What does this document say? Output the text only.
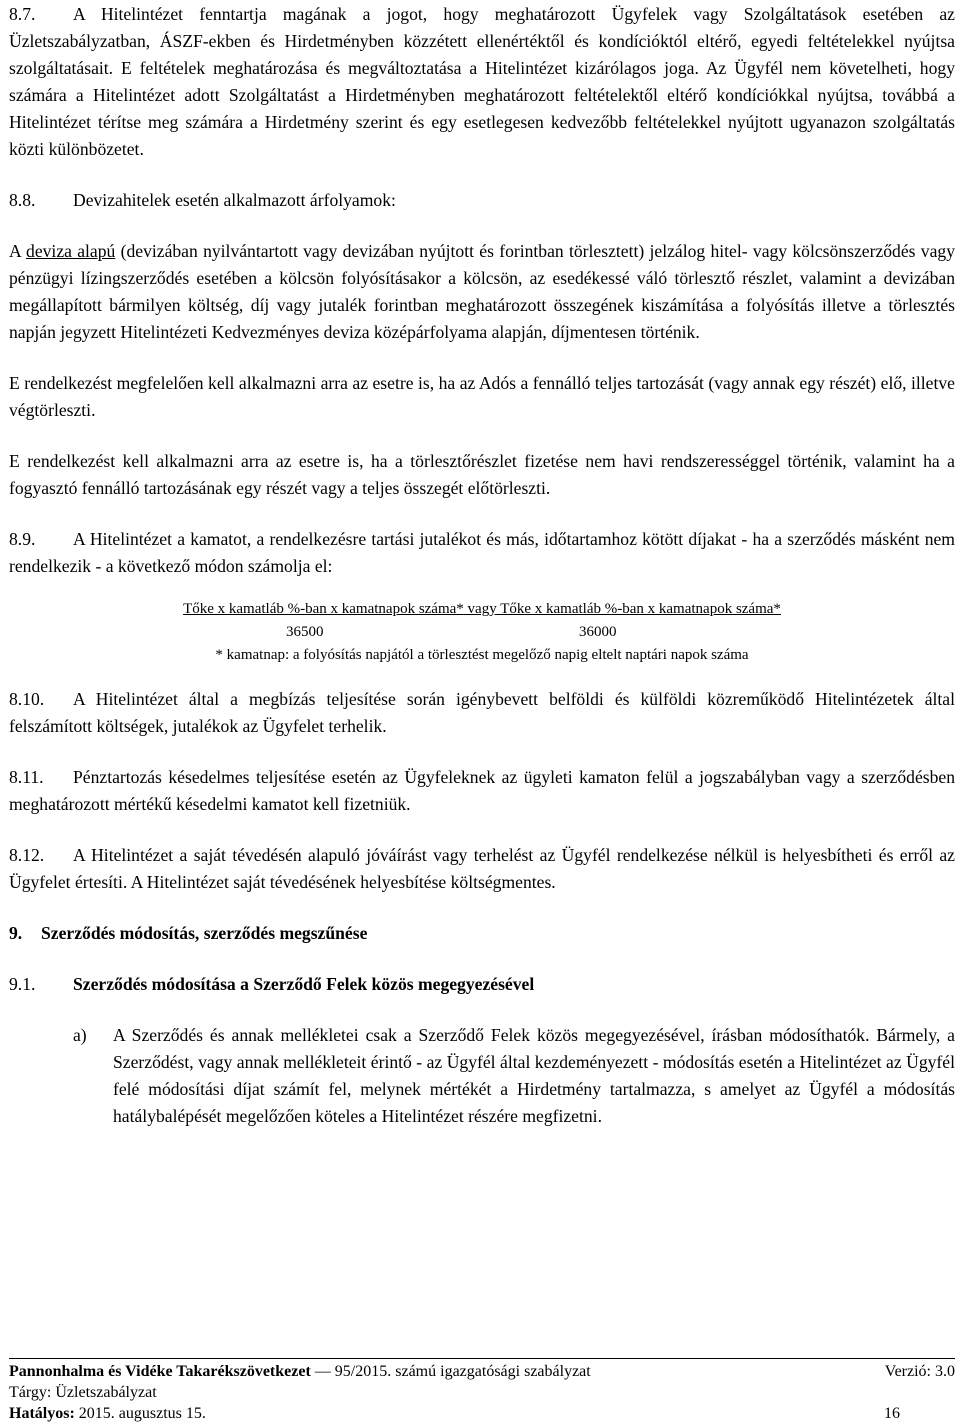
8.7. A Hitelintézet fenntartja magának a jogot, hogy meghatározott Ügyfelek vagy Szolgáltatások esetében az Üzletszabályzatban, ÁSZF-ekben és Hirdetményben közzétett ellenértéktől és kondícióktól eltérő, egyedi feltételekkel nyújtsa szolgáltatásait. E feltételek meghatározása és megváltoztatása a Hitelintézet kizárólagos joga. Az Ügyfél nem követelheti, hogy számára a Hitelintézet adott Szolgáltatást a Hirdetményben meghatározott feltételektől eltérő kondíciókkal nyújtsa, továbbá a Hitelintézet térítse meg számára a Hirdetmény szerint és egy esetlegesen kedvezőbb feltételekkel nyújtott ugyanazon szolgáltatás közti különbözetet.

8.8. Devizahitelek esetén alkalmazott árfolyamok:

A deviza alapú (devizában nyilvántartott vagy devizában nyújtott és forintban törlesztett) jelzálog hitel- vagy kölcsönszerződés vagy pénzügyi lízingszerződés esetében a kölcsön folyósításakor a kölcsön, az esedékessé váló törlesztő részlet, valamint a devizában megállapított bármilyen költség, díj vagy jutalék forintban meghatározott összegének kiszámítása a folyósítás illetve a törlesztés napján jegyzett Hitelintézeti Kedvezményes deviza középárfolyama alapján, díjmentesen történik.

E rendelkezést megfelelően kell alkalmazni arra az esetre is, ha az Adós a fennálló teljes tartozását (vagy annak egy részét) elő, illetve végtörleszti.

E rendelkezést kell alkalmazni arra az esetre is, ha a törlesztőrészlet fizetése nem havi rendszerességgel történik, valamint ha a fogyasztó fennálló tartozásának egy részét vagy a teljes összegét előtörleszti.

8.9. A Hitelintézet a kamatot, a rendelkezésre tartási jutalékot és más, időtartamhoz kötött díjakat - ha a szerződés másként nem rendelkezik - a következő módon számolja el:

Tőke x kamatláb %-ban x kamatnapok száma* vagy Tőke x kamatláb %-ban x kamatnapok száma*
36500	36000
* kamatnap: a folyósítás napjától a törlesztést megelőző napig eltelt naptári napok száma

8.10. A Hitelintézet által a megbízás teljesítése során igénybevett belföldi és külföldi közreműködő Hitelintézetek által felszámított költségek, jutalékok az Ügyfelet terhelik.

8.11. Pénztartozás késedelmes teljesítése esetén az Ügyfeleknek az ügyleti kamaton felül a jogszabályban vagy a szerződésben meghatározott mértékű késedelmi kamatot kell fizetniük.

8.12. A Hitelintézet a saját tévedésén alapuló jóváírást vagy terhelést az Ügyfél rendelkezése nélkül is helyesbítheti és erről az Ügyfelet értesíti. A Hitelintézet saját tévedésének helyesbítése költségmentes.

9. Szerződés módosítás, szerződés megszűnése

9.1. Szerződés módosítása a Szerződő Felek közös megegyezésével

a)	A Szerződés és annak mellékletei csak a Szerződő Felek közös megegyezésével, írásban módosíthatók. Bármely, a Szerződést, vagy annak mellékleteit érintő - az Ügyfél által kezdeményezett - módosítás esetén a Hitelintézet az Ügyfél felé módosítási díjat számít fel, melynek mértékét a Hirdetmény tartalmazza, s amelyet az Ügyfél a módosítás hatálybalépését megelőzően köteles a Hitelintézet részére megfizetni.
Pannonhalma és Vidéke Takarékszövetkezet — 95/2015. számú igazgatósági szabályzat	Verzió: 3.0
Tárgy: Üzletszabályzat
Hatályos: 2015. augusztus 15.	16
